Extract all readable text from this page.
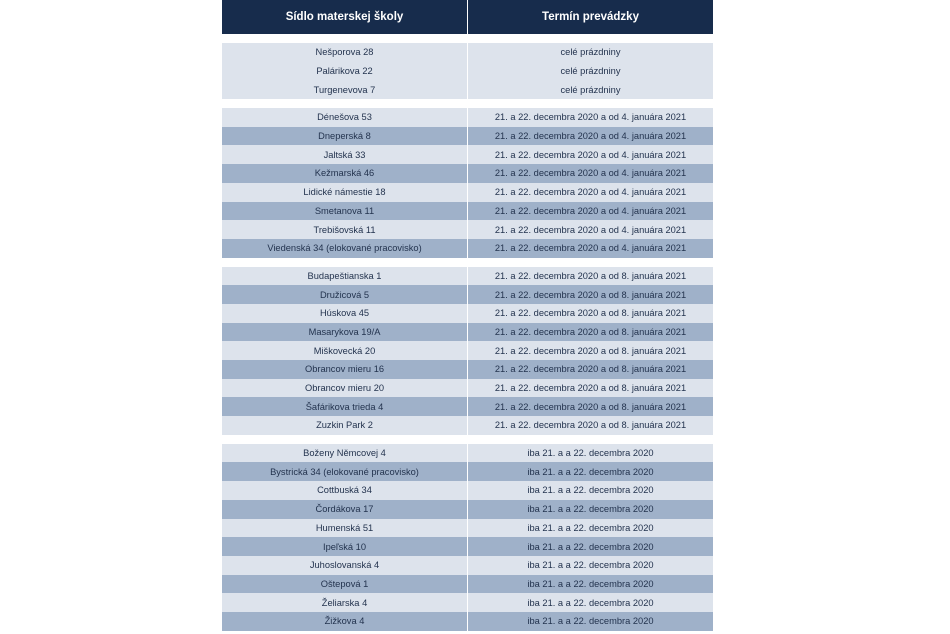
Sídlo materskej školy	Termín prevádzky
Nešporova 28	celé prázdniny
Palárikova 22	celé prázdniny
Turgenevova 7	celé prázdniny
Dénešova 53	21. a 22. decembra 2020 a od 4. januára 2021
Dneperská 8	21. a 22. decembra 2020 a od 4. januára 2021
Jaltská 33	21. a 22. decembra 2020 a od 4. januára 2021
Kežmarská 46	21. a 22. decembra 2020 a od 4. januára 2021
Lidické námestie 18	21. a 22. decembra 2020 a od 4. januára 2021
Smetanova 11	21. a 22. decembra 2020 a od 4. januára 2021
Trebišovská 11	21. a 22. decembra 2020 a od 4. januára 2021
Viedenská 34 (elokované pracovisko)	21. a 22. decembra 2020 a od 4. januára 2021
Budapeštianska 1	21. a 22. decembra 2020 a od 8. januára 2021
Družicová 5	21. a 22. decembra 2020 a od 8. januára 2021
Húskova 45	21. a 22. decembra 2020 a od 8. januára 2021
Masarykova 19/A	21. a 22. decembra 2020 a od 8. januára 2021
Miškovecká 20	21. a 22. decembra 2020 a od 8. januára 2021
Obrancov mieru 16	21. a 22. decembra 2020 a od 8. januára 2021
Obrancov mieru 20	21. a 22. decembra 2020 a od 8. januára 2021
Šafárikova trieda 4	21. a 22. decembra 2020 a od 8. januára 2021
Zuzkin Park 2	21. a 22. decembra 2020 a od 8. januára 2021
Boženy Němcovej 4	iba 21. a a 22. decembra 2020
Bystrická 34 (elokované pracovisko)	iba 21. a a 22. decembra 2020
Cottbuská 34	iba 21. a a 22. decembra 2020
Čordákova 17	iba 21. a a 22. decembra 2020
Humenská 51	iba 21. a a 22. decembra 2020
Ipeľská 10	iba 21. a a 22. decembra 2020
Juhoslovanská 4	iba 21. a a 22. decembra 2020
Oštepová 1	iba 21. a a 22. decembra 2020
Želiarska 4	iba 21. a a 22. decembra 2020
Žižkova 4	iba 21. a a 22. decembra 2020
